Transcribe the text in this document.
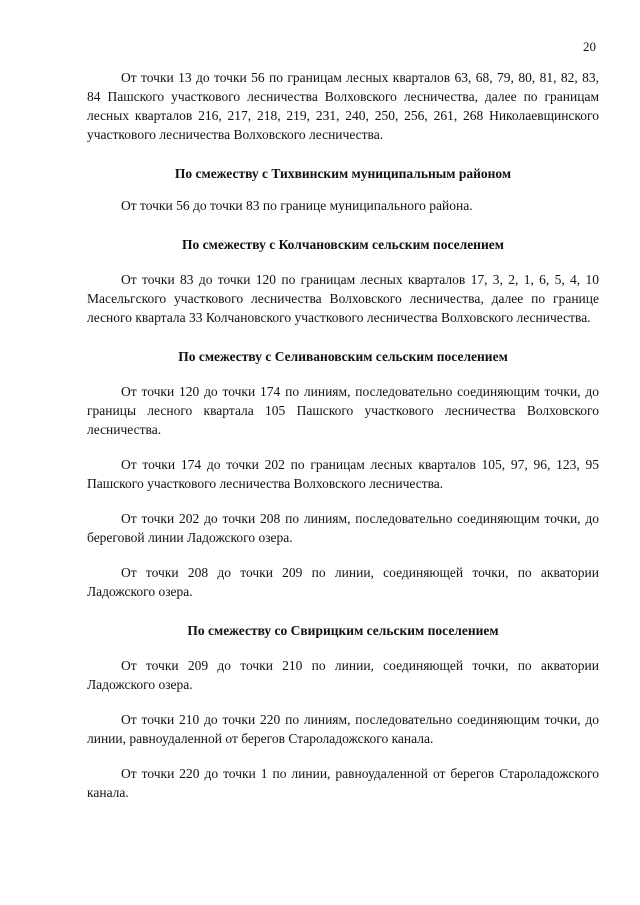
20

От точки 13 до точки 56 по границам лесных кварталов 63, 68, 79, 80, 81, 82, 83, 84 Пашского участкового лесничества Волховского лесничества, далее по границам лесных кварталов 216, 217, 218, 219, 231, 240, 250, 256, 261, 268 Николаевщинского участкового лесничества Волховского лесничества.

По смежеству с Тихвинским муниципальным районом

От точки 56 до точки 83 по границе муниципального района.

По смежеству с Колчановским сельским поселением

От точки 83 до точки 120 по границам лесных кварталов 17, 3, 2, 1, 6, 5, 4, 10 Масельгского участкового лесничества Волховского лесничества, далее по границе лесного квартала 33 Колчановского участкового лесничества Волховского лесничества.

По смежеству с Селивановским сельским поселением

От точки 120 до точки 174 по линиям, последовательно соединяющим точки, до границы лесного квартала 105 Пашского участкового лесничества Волховского лесничества.

От точки 174 до точки 202 по границам лесных кварталов 105, 97, 96, 123, 95 Пашского участкового лесничества Волховского лесничества.

От точки 202 до точки 208 по линиям, последовательно соединяющим точки, до береговой линии Ладожского озера.

От точки 208 до точки 209 по линии, соединяющей точки, по акватории Ладожского озера.

По смежеству со Свирицким сельским поселением

От точки 209 до точки 210 по линии, соединяющей точки, по акватории Ладожского озера.

От точки 210 до точки 220 по линиям, последовательно соединяющим точки, до линии, равноудаленной от берегов Староладожского канала.

От точки 220 до точки 1 по линии, равноудаленной от берегов Староладожского канала.
